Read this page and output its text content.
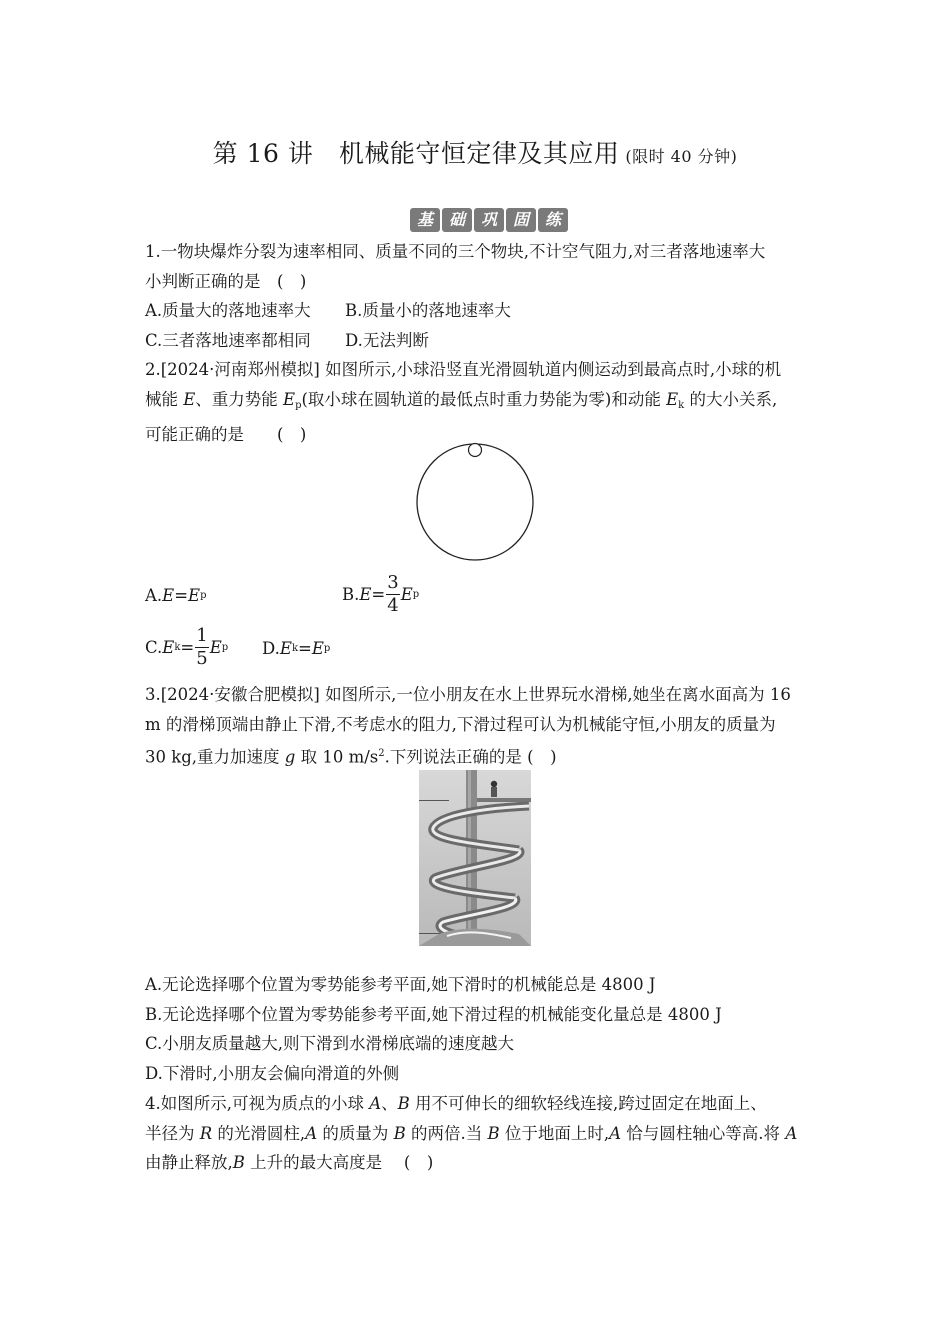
第 16 讲　机械能守恒定律及其应用 (限时 40 分钟)
基 础 巩 固 练

1.一物块爆炸分裂为速率相同、质量不同的三个物块,不计空气阻力,对三者落地速率大

小判断正确的是　(　)

A.质量大的落地速率大	B.质量小的落地速率大
C.三者落地速率都相同	D.无法判断

2.[2024·河南郑州模拟] 如图所示,小球沿竖直光滑圆轨道内侧运动到最高点时,小球的机

械能 E、重力势能 $E_p$(取小球在圆轨道的最低点时重力势能为零)和动能 $E_k$ 的大小关系,

可能正确的是　　(　)

A. E = E p	B. $E = \frac{3}{4}$ E p
C. E $k = \frac{1}{5}$ E p D. E k = E p

3.[2024·安徽合肥模拟] 如图所示,一位小朋友在水上世界玩水滑梯,她坐在离水面高为 16

m 的滑梯顶端由静止下滑,不考虑水的阻力,下滑过程可认为机械能守恒,小朋友的质量为

30 kg,重力加速度 g 取 10 $m/s^2$.下列说法正确的是 (　)

A.无论选择哪个位置为零势能参考平面,她下滑时的机械能总是 4800 J

B.无论选择哪个位置为零势能参考平面,她下滑过程的机械能变化量总是 4800 J

C.小朋友质量越大,则下滑到水滑梯底端的速度越大

D.下滑时,小朋友会偏向滑道的外侧

4.如图所示,可视为质点的小球 A、B 用不可伸长的细软轻线连接,跨过固定在地面上、

半径为 R 的光滑圆柱,A 的质量为 B 的两倍.当 B 位于地面上时,A 恰与圆柱轴心等高.将 A

由静止释放,B 上升的最大高度是　 (　)
